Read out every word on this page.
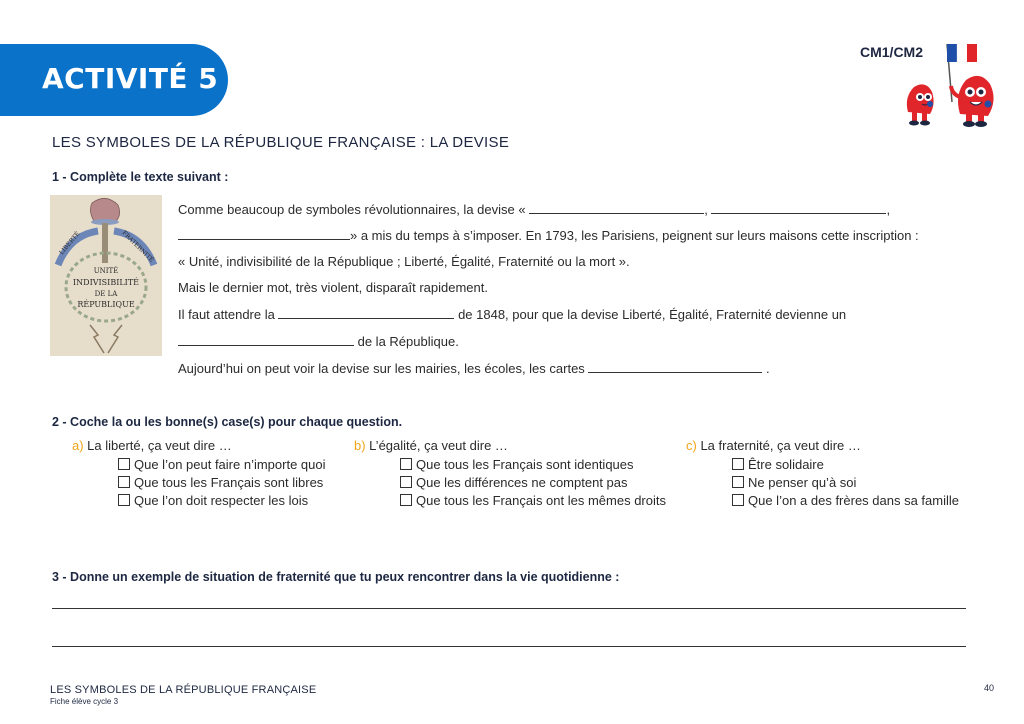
ACTIVITÉ 5
CM1/CM2
LES SYMBOLES DE LA RÉPUBLIQUE FRANÇAISE : LA DEVISE
1 - Complète le texte suivant :
LIBERTÉ	FRATERNITÉ
UNITÉ
INDIVISIBILITÉ
DE LA
RÉPUBLIQUE
Comme beaucoup de symboles révolutionnaires, la devise «	,	,
» a mis du temps à s’imposer. En 1793, les Parisiens, peignent sur leurs maisons cette inscription :
« Unité, indivisibilité de la République ; Liberté, Égalité, Fraternité ou la mort ».
Mais le dernier mot, très violent, disparaît rapidement.
Il faut attendre la	de 1848, pour que la devise Liberté, Égalité, Fraternité devienne un
de la République.
Aujourd’hui on peut voir la devise sur les mairies, les écoles, les cartes	.
2 - Coche la ou les bonne(s) case(s) pour chaque question.
a) La liberté, ça veut dire …
Que l’on peut faire n’importe quoi
Que tous les Français sont libres
Que l’on doit respecter les lois
b) L’égalité, ça veut dire …
Que tous les Français sont identiques
Que les différences ne comptent pas
Que tous les Français ont les mêmes droits
c) La fraternité, ça veut dire …
Être solidaire
Ne penser qu’à soi
Que l’on a des frères dans sa famille
3 - Donne un exemple de situation de fraternité que tu peux rencontrer dans la vie quotidienne :
LES SYMBOLES DE LA RÉPUBLIQUE FRANÇAISE
Fiche élève cycle 3
40
